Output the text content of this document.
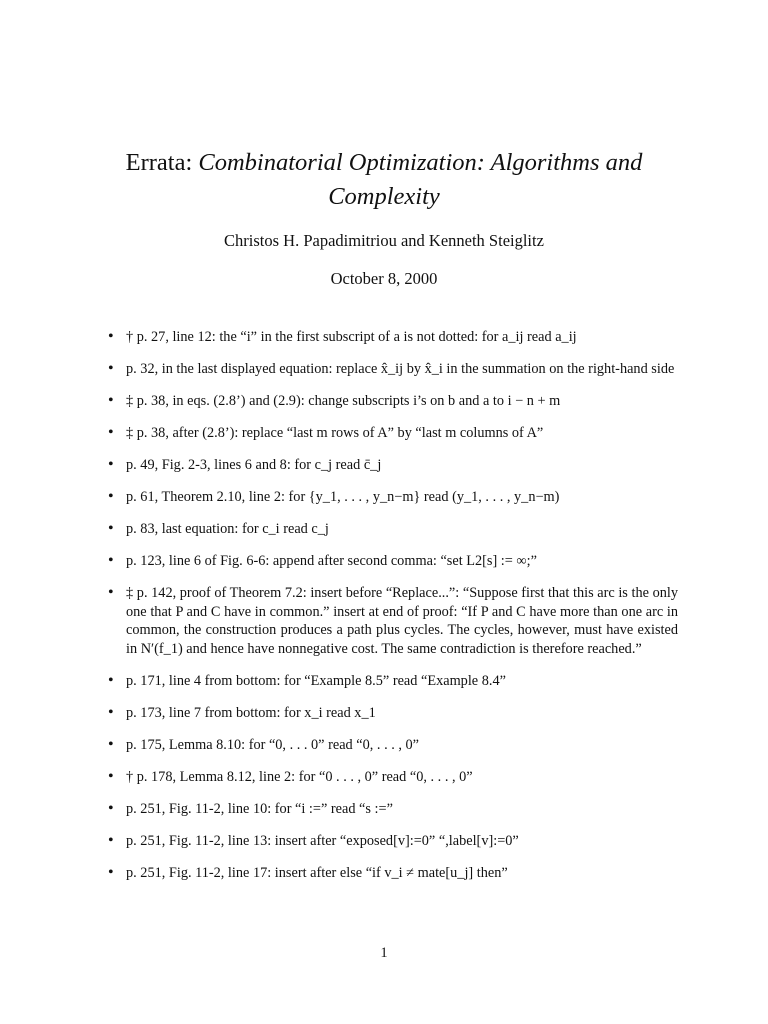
Errata: Combinatorial Optimization: Algorithms and Complexity
Christos H. Papadimitriou and Kenneth Steiglitz
October 8, 2000
• † p. 27, line 12: the “i” in the first subscript of a is not dotted: for a_ij read a_ij
• p. 32, in the last displayed equation: replace x̂_ij by x̂_i in the summation on the right-hand side
• ‡ p. 38, in eqs. (2.8’) and (2.9): change subscripts i’s on b and a to i − n + m
• ‡ p. 38, after (2.8’): replace “last m rows of A” by “last m columns of A”
• p. 49, Fig. 2-3, lines 6 and 8: for c_j read c̄_j
• p. 61, Theorem 2.10, line 2: for {y_1, . . . , y_n−m} read (y_1, . . . , y_n−m)
• p. 83, last equation: for c_i read c_j
• p. 123, line 6 of Fig. 6-6: append after second comma: “set L2[s] := ∞;”
• ‡ p. 142, proof of Theorem 7.2: insert before “Replace...”: “Suppose first that this arc is the only one that P and C have in common.” insert at end of proof: “If P and C have more than one arc in common, the construction produces a path plus cycles. The cycles, however, must have existed in N′(f_1) and hence have nonnegative cost. The same contradiction is therefore reached.”
• p. 171, line 4 from bottom: for “Example 8.5” read “Example 8.4”
• p. 173, line 7 from bottom: for x_i read x_1
• p. 175, Lemma 8.10: for “0, . . . 0” read “0, . . . , 0”
• † p. 178, Lemma 8.12, line 2: for “0 . . . , 0” read “0, . . . , 0”
• p. 251, Fig. 11-2, line 10: for “i :=” read “s :=”
• p. 251, Fig. 11-2, line 13: insert after “exposed[v]:=0” “,label[v]:=0”
• p. 251, Fig. 11-2, line 17: insert after else “if v_i ≠ mate[u_j] then”
1
